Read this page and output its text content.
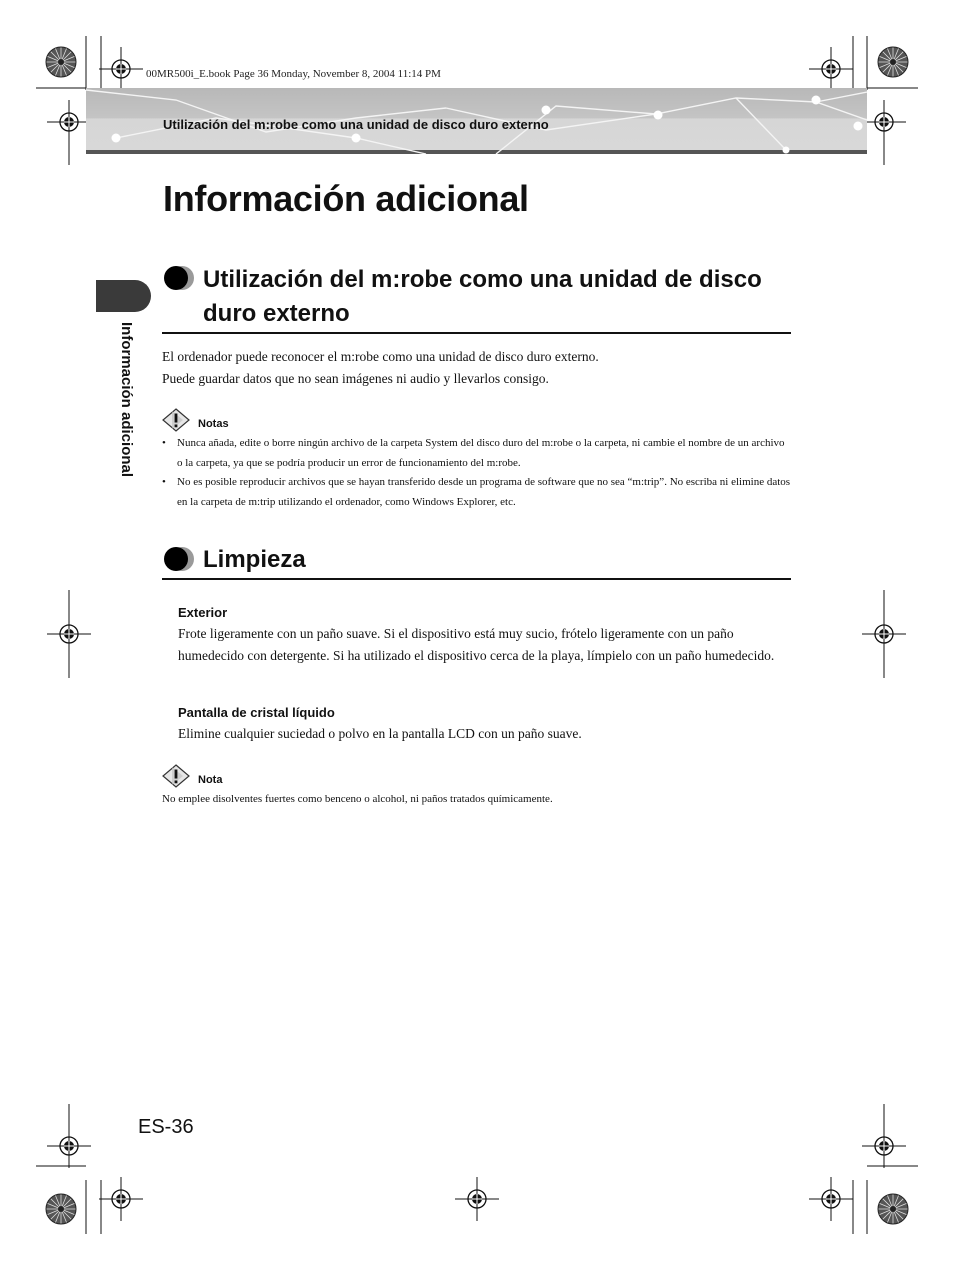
00MR500i_E.book Page 36 Monday, November 8, 2004 11:14 PM
Utilización del m:robe como una unidad de disco duro externo
Información adicional
Información adicional
Utilización del m:robe como una unidad de disco
duro externo
El ordenador puede reconocer el m:robe como una unidad de disco duro externo.
Puede guardar datos que no sean imágenes ni audio y llevarlos consigo.
Notas
• Nunca añada, edite o borre ningún archivo de la carpeta System del disco duro del m:robe o la carpeta, ni cambie el nombre de un archivo o la carpeta, ya que se podría producir un error de funcionamiento del m:robe.
• No es posible reproducir archivos que se hayan transferido desde un programa de software que no sea “m:trip”. No escriba ni elimine datos en la carpeta de m:trip utilizando el ordenador, como Windows Explorer, etc.
Limpieza
Exterior
Frote ligeramente con un paño suave. Si el dispositivo está muy sucio, frótelo ligeramente con un paño humedecido con detergente. Si ha utilizado el dispositivo cerca de la playa, límpielo con un paño humedecido.
Pantalla de cristal líquido
Elimine cualquier suciedad o polvo en la pantalla LCD con un paño suave.
Nota
No emplee disolventes fuertes como benceno o alcohol, ni paños tratados químicamente.
ES-36
